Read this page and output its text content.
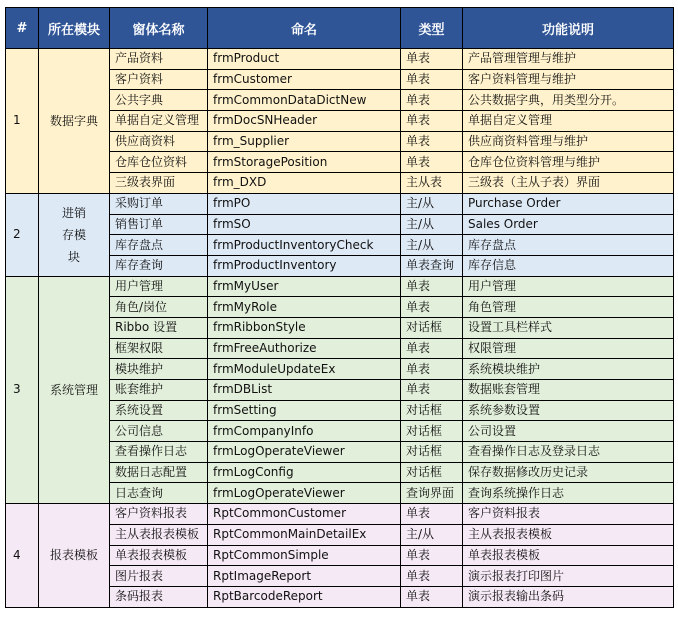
#	所在模块	窗体名称	命名	类型	功能说明
1	数据字典	产品资料	frmProduct	单表	产品管理管理与维护
		客户资料	frmCustomer	单表	客户资料管理与维护
		公共字典	frmCommonDataDictNew	单表	公共数据字典，用类型分开。
		单据自定义管理	frmDocSNHeader	单表	单据自定义管理
		供应商资料	frm_Supplier	单表	供应商资料管理与维护
		仓库仓位资料	frmStoragePosition	单表	仓库仓位资料管理与维护
		三级表界面	frm_DXD	主从表	三级表（主从子表）界面
2	进销存模块	采购订单	frmPO	主/从	Purchase Order
		销售订单	frmSO	主/从	Sales Order
		库存盘点	frmProductInventoryCheck	主/从	库存盘点
		库存查询	frmProductInventory	单表查询	库存信息
3	系统管理	用户管理	frmMyUser	单表	用户管理
		角色/岗位	frmMyRole	单表	角色管理
		Ribbo 设置	frmRibbonStyle	对话框	设置工具栏样式
		框架权限	frmFreeAuthorize	单表	权限管理
		模块维护	frmModuleUpdateEx	单表	系统模块维护
		账套维护	frmDBList	单表	数据账套管理
		系统设置	frmSetting	对话框	系统参数设置
		公司信息	frmCompanyInfo	对话框	公司设置
		查看操作日志	frmLogOperateViewer	对话框	查看操作日志及登录日志
		数据日志配置	frmLogConfig	对话框	保存数据修改历史记录
		日志查询	frmLogOperateViewer	查询界面	查询系统操作日志
4	报表模板	客户资料报表	RptCommonCustomer	单表	客户资料报表
		主从表报表模板	RptCommonMainDetailEx	主/从	主从表报表模板
		单表报表模板	RptCommonSimple	单表	单表报表模板
		图片报表	RptImageReport	单表	演示报表打印图片
		条码报表	RptBarcodeReport	单表	演示报表输出条码
